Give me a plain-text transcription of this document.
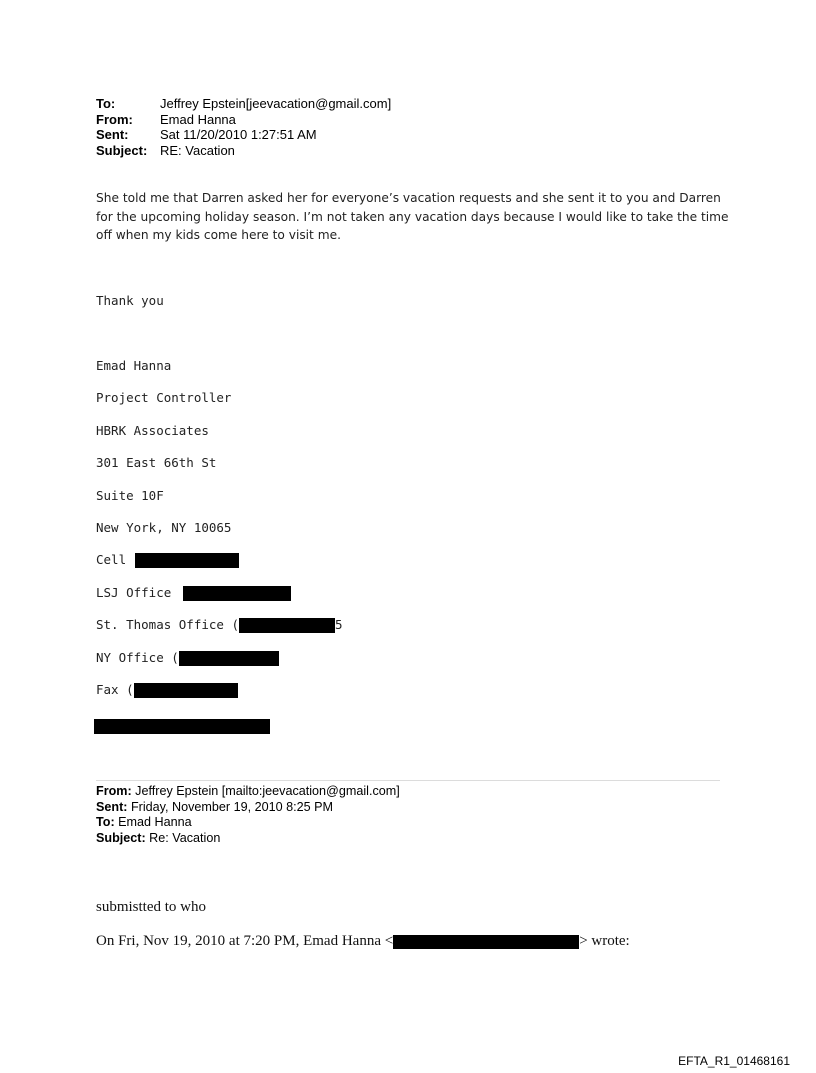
To:	Jeffrey Epstein[jeevacation@gmail.com]
From:	Emad Hanna
Sent:	Sat 11/20/2010 1:27:51 AM
Subject: RE: Vacation
She told me that Darren asked her for everyone’s vacation requests and she sent it to you and Darren for the upcoming holiday season. I’m not taken any vacation days because I would like to take the time off when my kids come here to visit me.
Thank you
Emad Hanna
Project Controller
HBRK Associates
301 East 66th St
Suite 10F
New York, NY 10065
Cell
LSJ Office
St. Thomas Office (	5
NY Office (
Fax (
From: Jeffrey Epstein [mailto:jeevacation@gmail.com]
Sent: Friday, November 19, 2010 8:25 PM
To: Emad Hanna
Subject: Re: Vacation
submistted to who
On Fri, Nov 19, 2010 at 7:20 PM, Emad Hanna <	> wrote:
EFTA_R1_01468161
